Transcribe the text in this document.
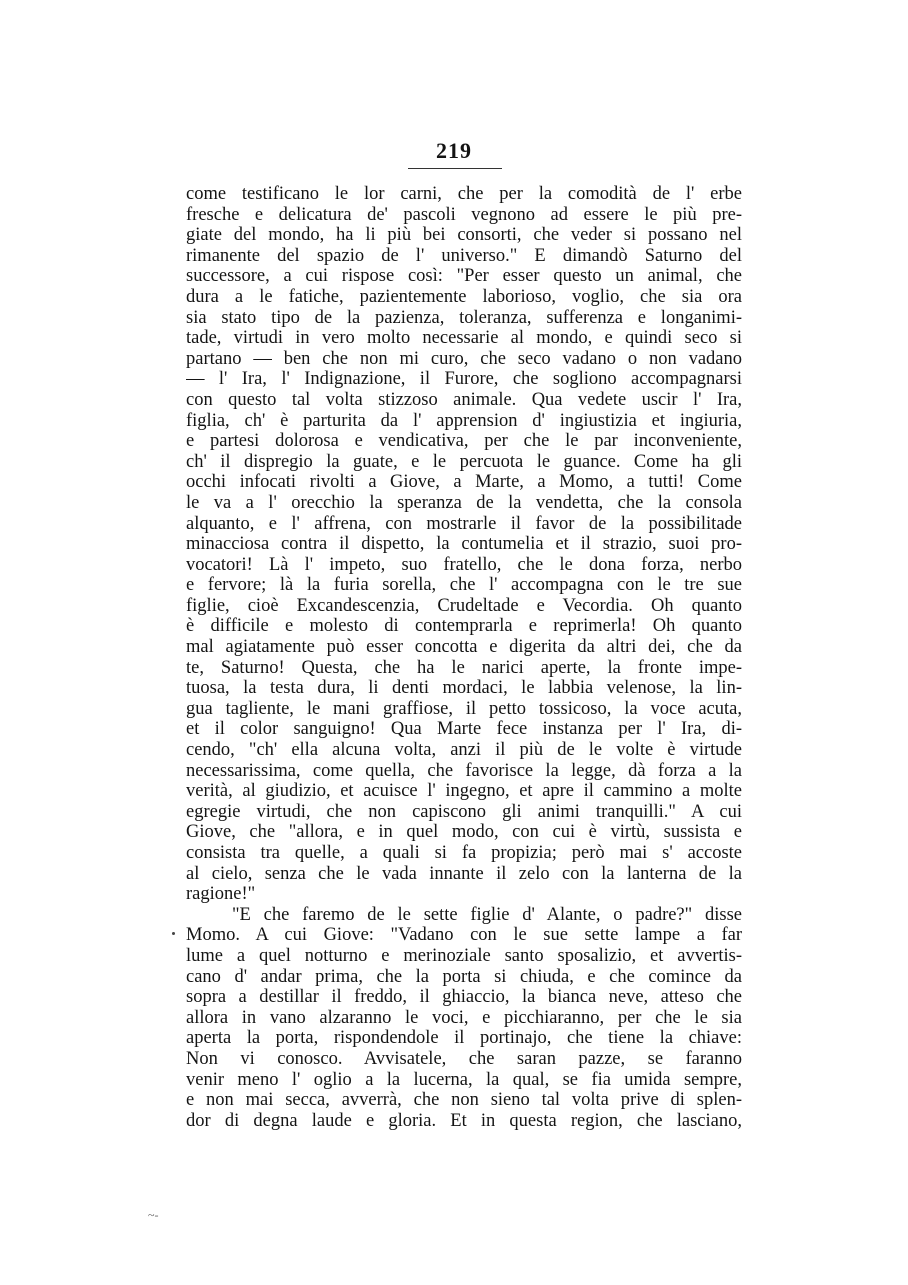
219
come testificano le lor carni, che per la comodità de l' erbe
fresche e delicatura de' pascoli vegnono ad essere le più pre-
giate del mondo, ha li più bei consorti, che veder si possano nel
rimanente del spazio de l' universo." E dimandò Saturno del
successore, a cui rispose così: "Per esser questo un animal, che
dura a le fatiche, pazientemente laborioso, voglio, che sia ora
sia stato tipo de la pazienza, toleranza, sufferenza e longanimi-
tade, virtudi in vero molto necessarie al mondo, e quindi seco si
partano — ben che non mi curo, che seco vadano o non vadano
— l' Ira, l' Indignazione, il Furore, che sogliono accompagnarsi
con questo tal volta stizzoso animale. Qua vedete uscir l' Ira,
figlia, ch' è parturita da l' apprension d' ingiustizia et ingiuria,
e partesi dolorosa e vendicativa, per che le par inconveniente,
ch' il dispregio la guate, e le percuota le guance. Come ha gli
occhi infocati rivolti a Giove, a Marte, a Momo, a tutti! Come
le va a l' orecchio la speranza de la vendetta, che la consola
alquanto, e l' affrena, con mostrarle il favor de la possibilitade
minacciosa contra il dispetto, la contumelia et il strazio, suoi pro-
vocatori! Là l' impeto, suo fratello, che le dona forza, nerbo
e fervore; là la furia sorella, che l' accompagna con le tre sue
figlie, cioè Excandescenzia, Crudeltade e Vecordia. Oh quanto
è difficile e molesto di contemprarla e reprimerla! Oh quanto
mal agiatamente può esser concotta e digerita da altri dei, che da
te, Saturno! Questa, che ha le narici aperte, la fronte impe-
tuosa, la testa dura, li denti mordaci, le labbia velenose, la lin-
gua tagliente, le mani graffiose, il petto tossicoso, la voce acuta,
et il color sanguigno! Qua Marte fece instanza per l' Ira, di-
cendo, "ch' ella alcuna volta, anzi il più de le volte è virtude
necessarissima, come quella, che favorisce la legge, dà forza a la
verità, al giudizio, et acuisce l' ingegno, et apre il cammino a molte
egregie virtudi, che non capiscono gli animi tranquilli." A cui
Giove, che "allora, e in quel modo, con cui è virtù, sussista e
consista tra quelle, a quali si fa propizia; però mai s' accoste
al cielo, senza che le vada innante il zelo con la lanterna de la
ragione!"
"E che faremo de le sette figlie d' Alante, o padre?" disse
Momo. A cui Giove: "Vadano con le sue sette lampe a far
lume a quel notturno e merinoziale santo sposalizio, et avvertis-
cano d' andar prima, che la porta si chiuda, e che comince da
sopra a destillar il freddo, il ghiaccio, la bianca neve, atteso che
allora in vano alzaranno le voci, e picchiaranno, per che le sia
aperta la porta, rispondendole il portinajo, che tiene la chiave:
Non vi conosco. Avvisatele, che saran pazze, se faranno
venir meno l' oglio a la lucerna, la qual, se fia umida sempre,
e non mai secca, avverrà, che non sieno tal volta prive di splen-
dor di degna laude e gloria. Et in questa region, che lasciano,
~-
